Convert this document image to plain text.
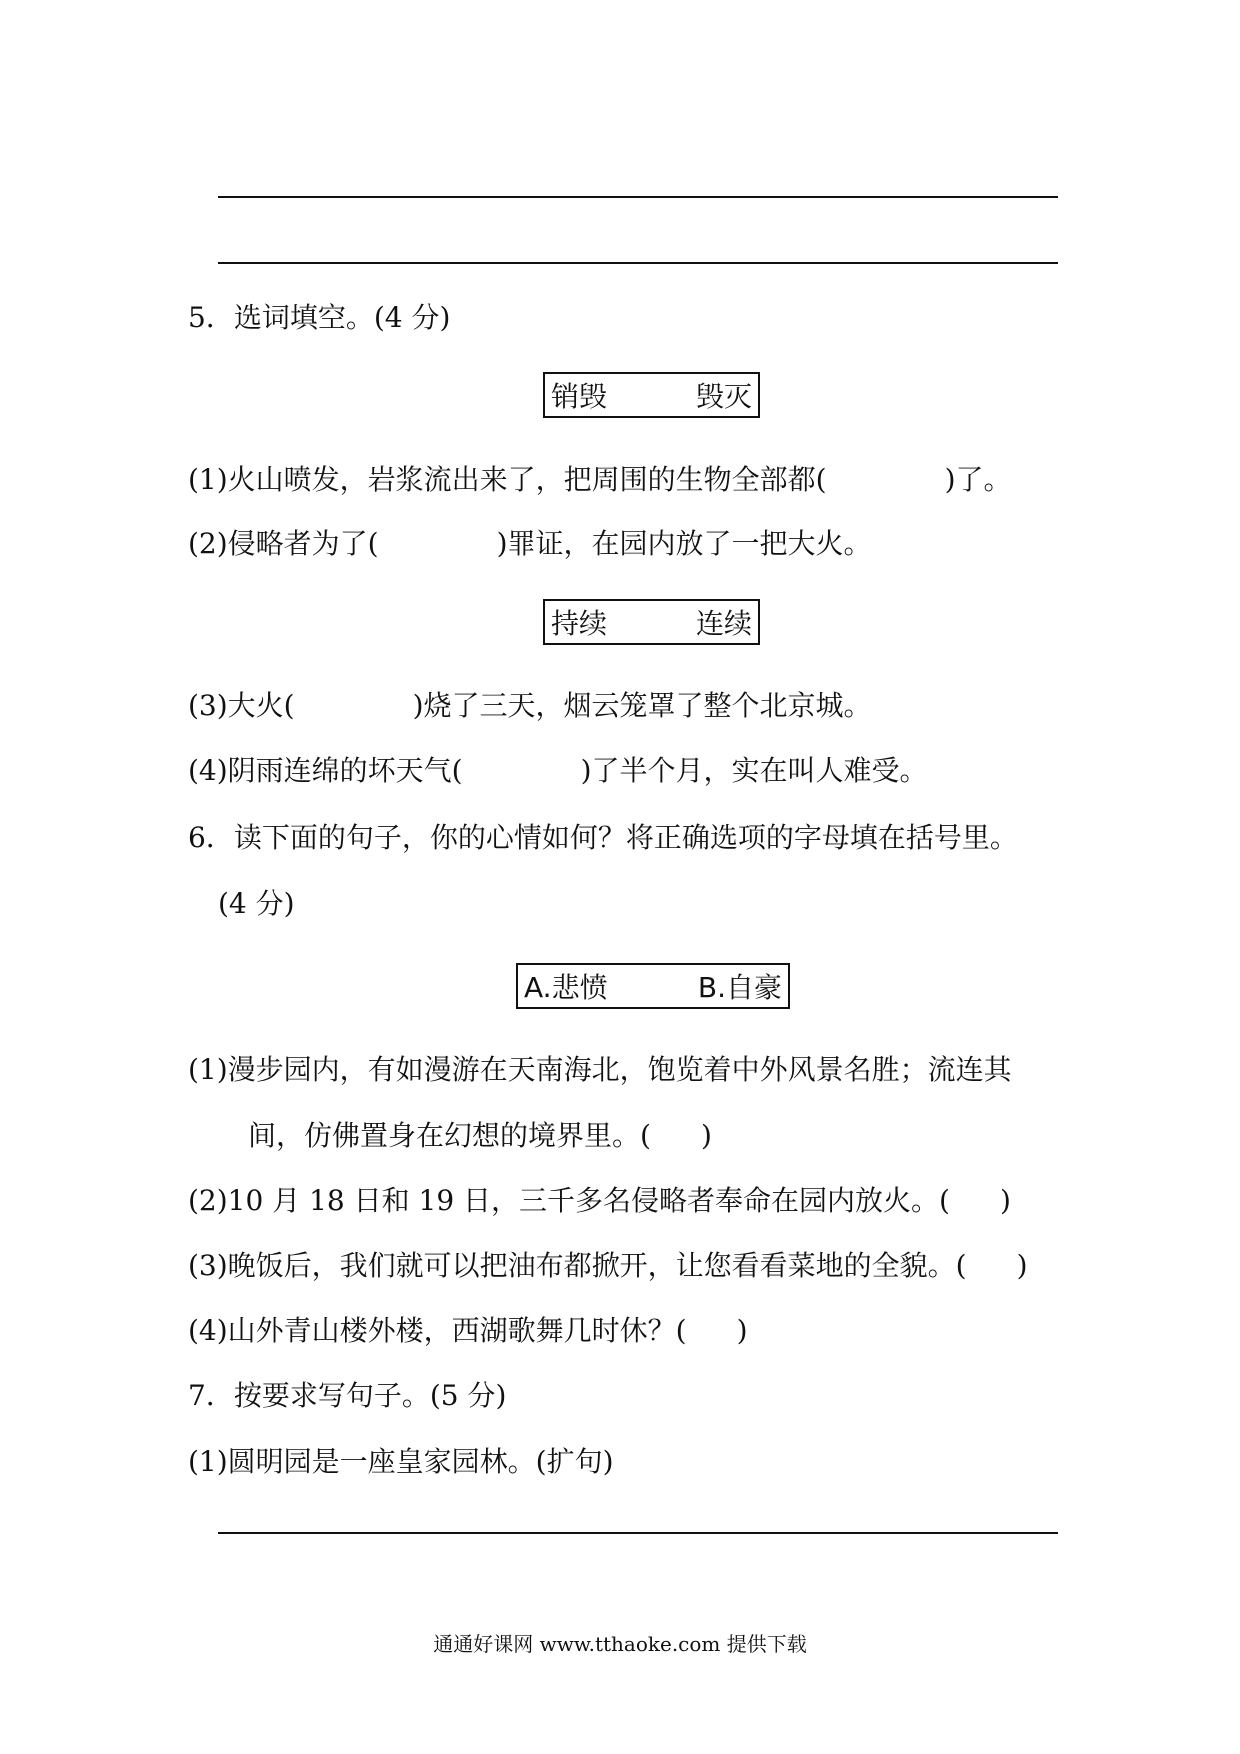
5．选词填空。(4 分)
销毁	毁灭
(1)火山喷发，岩浆流出来了，把周围的生物全部都(	)了。
(2)侵略者为了(	)罪证，在园内放了一把大火。
持续	连续
(3)大火(	)烧了三天，烟云笼罩了整个北京城。
(4)阴雨连绵的坏天气(	)了半个月，实在叫人难受。
6．读下面的句子，你的心情如何？将正确选项的字母填在括号里。
(4 分)
A.悲愤	B.自豪
(1)漫步园内，有如漫游在天南海北，饱览着中外风景名胜；流连其
间，仿佛置身在幻想的境界里。( )
(2)10 月 18 日和 19 日，三千多名侵略者奉命在园内放火。( )
(3)晚饭后，我们就可以把油布都掀开，让您看看菜地的全貌。( )
(4)山外青山楼外楼，西湖歌舞几时休？( )
7．按要求写句子。(5 分)
(1)圆明园是一座皇家园林。(扩句)
通通好课网 www.tthaoke.com 提供下载
